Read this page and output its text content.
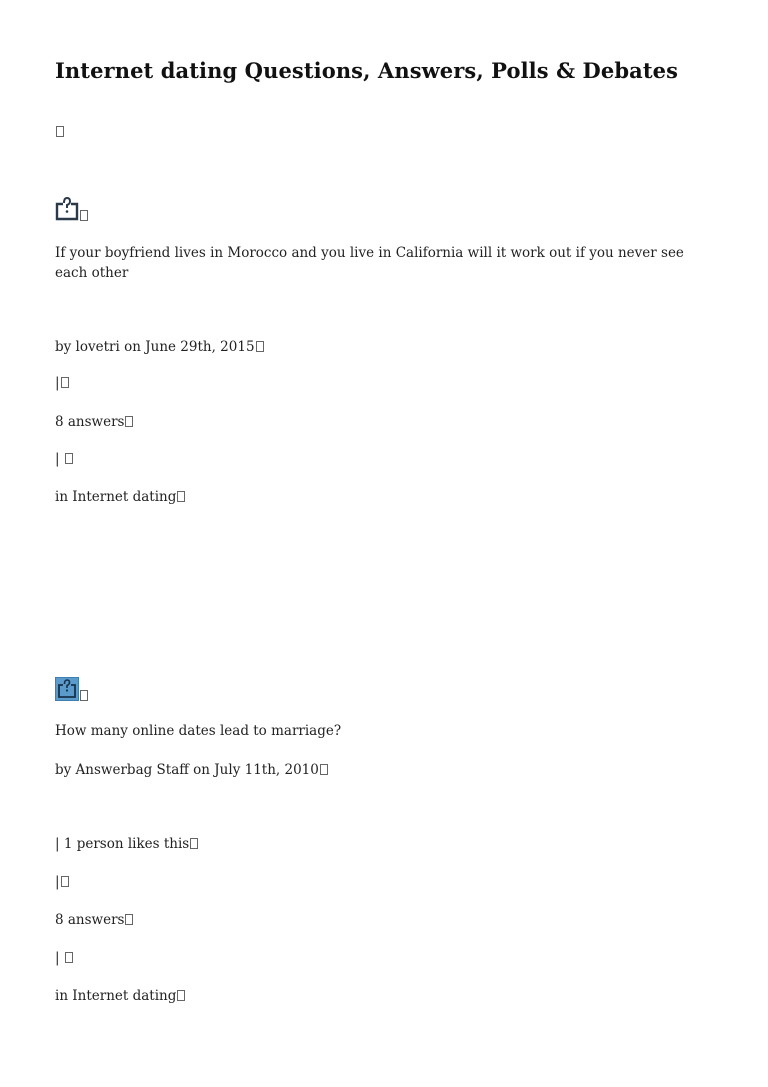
Internet dating Questions, Answers, Polls & Debates
If your boyfriend lives in Morocco and you live in California will it work out if you never see each other
by lovetri on June 29th, 2015
|
8 answers
|
in Internet dating
How many online dates lead to marriage?
by Answerbag Staff on July 11th, 2010
| 1 person likes this
|
8 answers
|
in Internet dating
